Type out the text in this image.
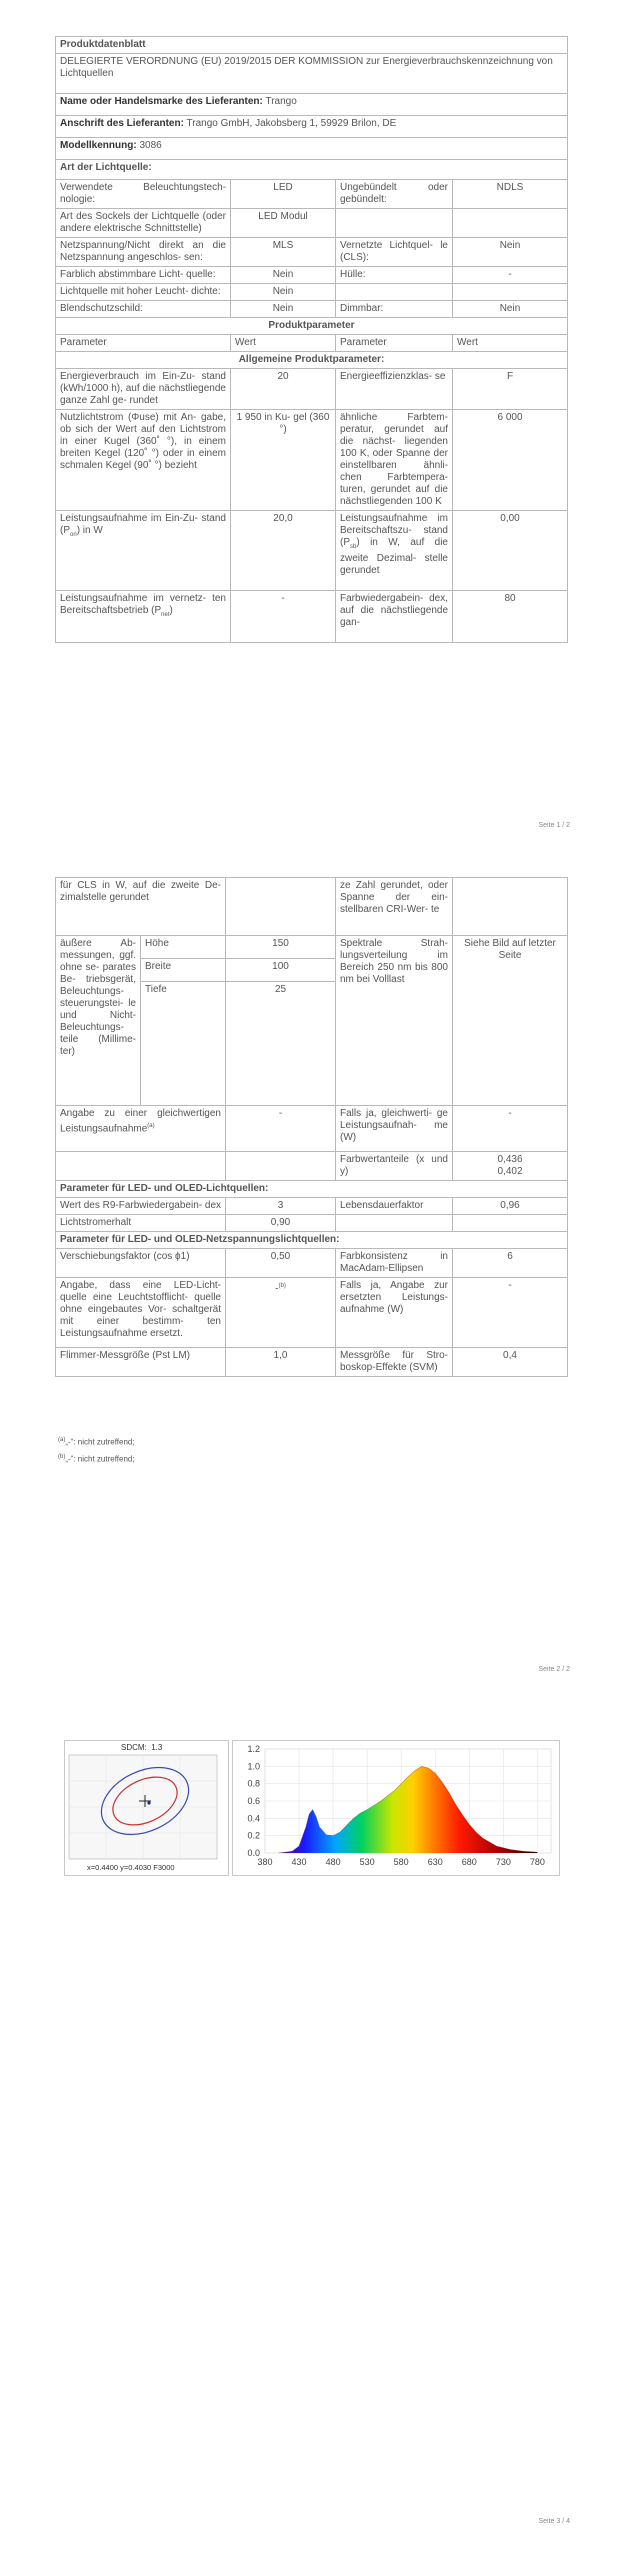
Produktdatenblatt			
DELEGIERTE VERORDNUNG (EU) 2019/2015 DER KOMMISSION zur Energieverbrauchskennzeichnung von Lichtquellen			
Name oder Handelsmarke des Lieferanten: Trango			
Anschrift des Lieferanten: Trango GmbH, Jakobsberg 1, 59929 Brilon, DE			
Modellkennung: 3086			
Art der Lichtquelle:			
Verwendete Beleuchtungstech- nologie:	LED	Ungebündelt oder gebündelt:	NDLS
Art des Sockels der Lichtquelle (oder andere elektrische Schnittstelle)	LED Modul		
Netzspannung/Nicht direkt an die Netzspannung angeschlos- sen:	MLS	Vernetzte Lichtquel- le (CLS):	Nein
Farblich abstimmbare Licht- quelle:	Nein	Hülle:	-
Lichtquelle mit hoher Leucht- dichte:	Nein		
Blendschutzschild:	Nein	Dimmbar:	Nein
Produktparameter			
Parameter	Wert	Parameter	Wert
Allgemeine Produktparameter:			
Energieverbrauch im Ein-Zu- stand (kWh/1000 h), auf die nächstliegende ganze Zahl ge- rundet	20	Energieeffizienzklas- se	F
Nutzlichtstrom (Φuse) mit An- gabe, ob sich der Wert auf den Lichtstrom in einer Kugel (360˚ °), in einem breiten Kegel (120˚ °) oder in einem schmalen Kegel (90˚ °) bezieht	1 950 in Ku- gel (360 °)	ähnliche Farbtem- peratur, gerundet auf die nächst- liegenden 100 K, oder Spanne der einstellbaren ähnli- chen Farbtempera- turen, gerundet auf die nächstliegenden 100 K	6 000
Leistungsaufnahme im Ein-Zu- stand $(P_{on})$ in W	20,0	Leistungsaufnahme im Bereitschaftszu- stand $(P_{sb})$ in W, auf die zweite Dezimal- stelle gerundet	0,00
Leistungsaufnahme im vernetz- ten Bereitschaftsbetrieb $(P_{net})$	-	Farbwiedergabein- dex, auf die nächstliegende gan-	80
Seite 1 / 2
für CLS in W, auf die zweite De- zimalstelle gerundet			ze Zahl gerundet, oder Spanne der ein- stellbaren CRI-Wer- te	
äußere Ab- messungen, ggf. ohne se- parates Be- triebsgerät, Beleuchtungs- steuerungstei- le und Nicht- Beleuchtungs- teile (Millime- ter)	Höhe	150	Spektrale Strah- lungsverteilung im Bereich 250 nm bis 800 nm bei Volllast	Siehe Bild auf letzter Seite
	Breite	100		
	Tiefe	25		
Angabe zu einer gleichwertigen Leistungsaufnahme$^{(a)}$		-	Falls ja, gleichwerti- ge Leistungsaufnah- me (W)	-
			Farbwertanteile (x und y)	0,436
0,402

Parameter für LED- und OLED-Lichtquellen:				
Wert des R9-Farbwiedergabein- dex		3	Lebensdauerfaktor	0,96
Lichtstromerhalt		0,90		
Parameter für LED- und OLED-Netzspannungslichtquellen:				
Verschiebungsfaktor (cos ϕ1)		0,50	Farbkonsistenz in MacAdam-Ellipsen	6
Angabe, dass eine LED-Licht- quelle eine Leuchtstofflicht- quelle ohne eingebautes Vor- schaltgerät mit einer bestimm- ten Leistungsaufnahme ersetzt.		-$^{(b)}$	Falls ja, Angabe zur ersetzten Leistungs- aufnahme (W)	-
Flimmer-Messgröße (Pst LM)		1,0	Messgröße für Stro- boskop-Effekte (SVM)	0,4
$^{(a)}$„-“: nicht zutreffend;
$^{(b)}$„-“: nicht zutreffend;
Seite 2 / 2
SDCM: 1.3
x=0.4400 y=0.4030 F3000
1.2
1.0
0.8
0.6
0.4
0.2
0.0
380 430 480 530 580 630 680 730 780
Seite 3 / 4
